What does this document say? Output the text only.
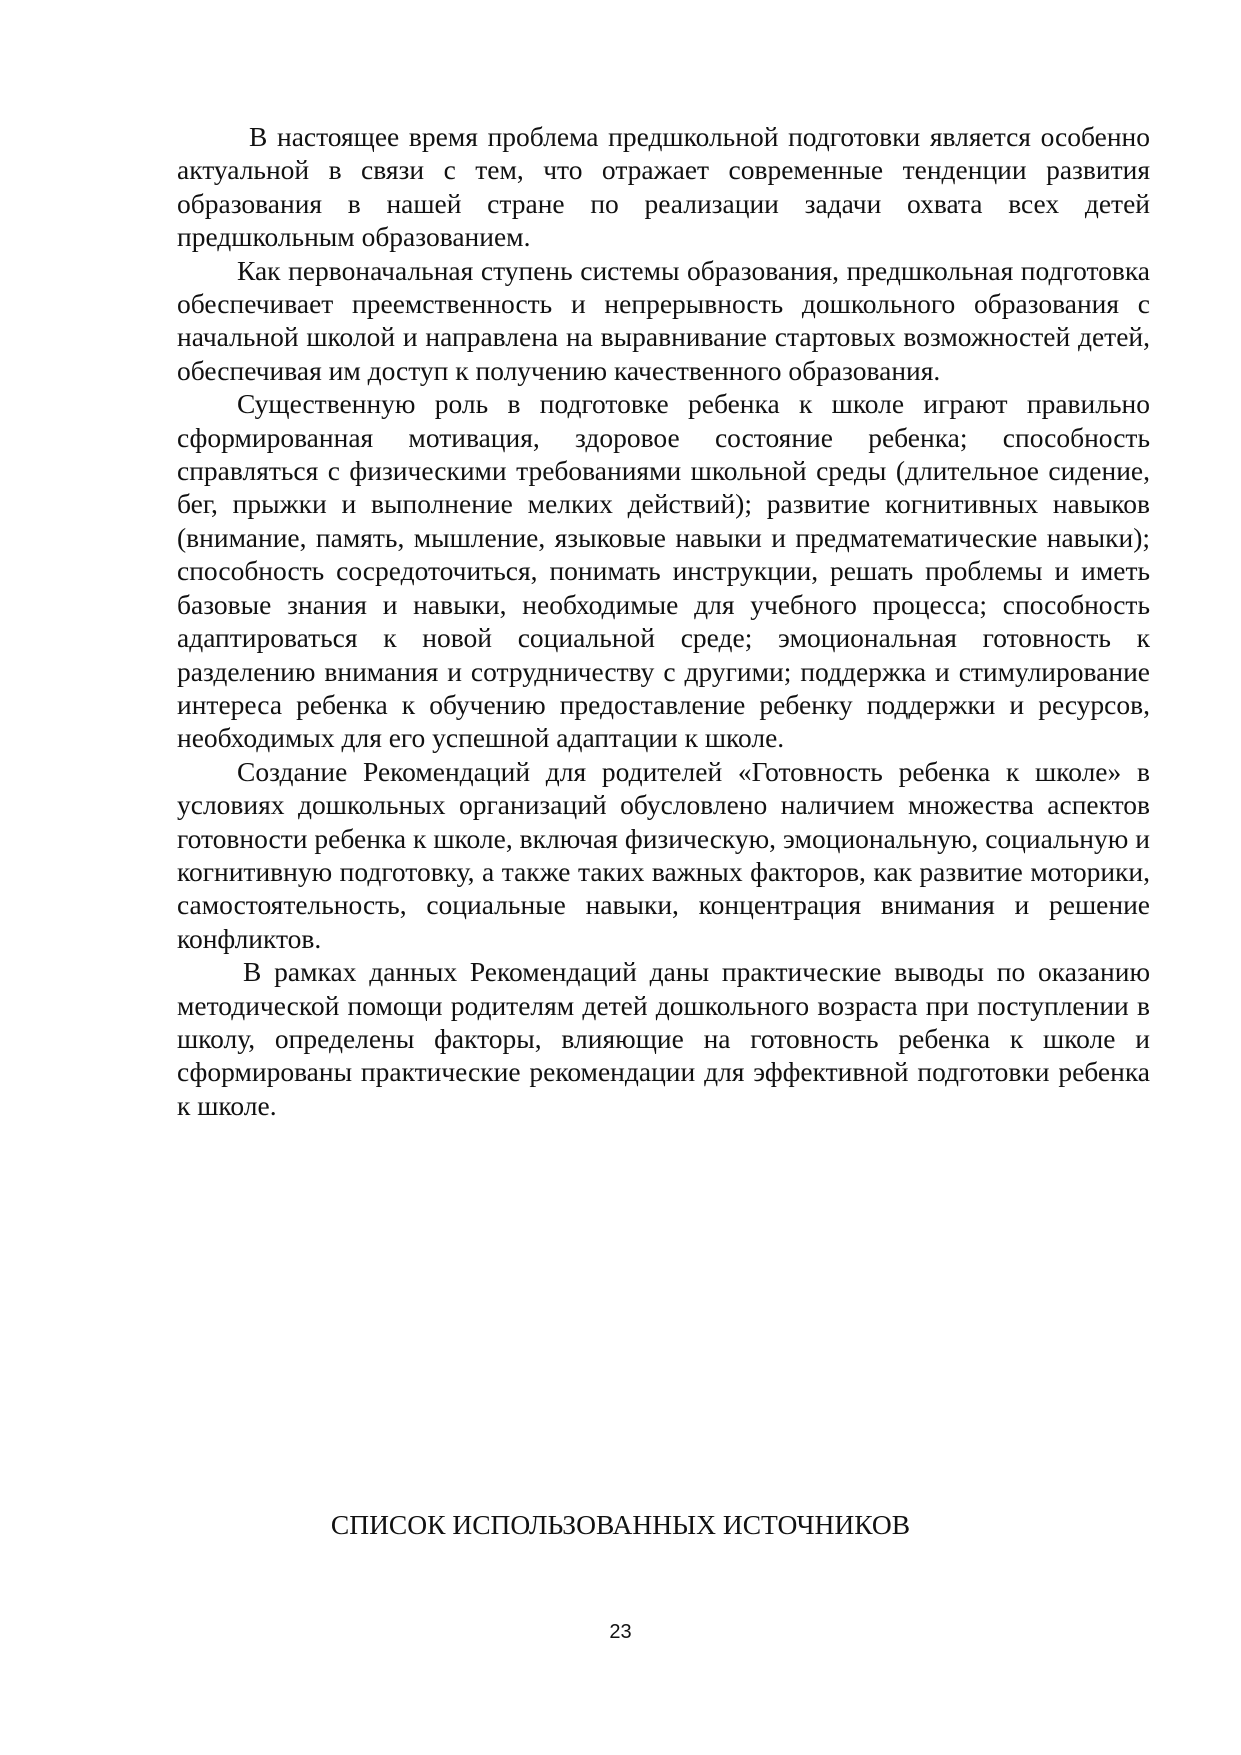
В настоящее время проблема предшкольной подготовки является особенно актуальной в связи с тем, что отражает современные тенденции развития образования в нашей стране по реализации задачи охвата всех детей предшкольным образованием.

Как первоначальная ступень системы образования, предшкольная подготовка обеспечивает преемственность и непрерывность дошкольного образования с начальной школой и направлена на выравнивание стартовых возможностей детей, обеспечивая им доступ к получению качественного образования.

Существенную роль в подготовке ребенка к школе играют правильно сформированная мотивация, здоровое состояние ребенка; способность справляться с физическими требованиями школьной среды (длительное сидение, бег, прыжки и выполнение мелких действий); развитие когнитивных навыков (внимание, память, мышление, языковые навыки и предматематические навыки); способность сосредоточиться, понимать инструкции, решать проблемы и иметь базовые знания и навыки, необходимые для учебного процесса; способность адаптироваться к новой социальной среде; эмоциональная готовность к разделению внимания и сотрудничеству с другими; поддержка и стимулирование интереса ребенка к обучению предоставление ребенку поддержки и ресурсов, необходимых для его успешной адаптации к школе.

Создание Рекомендаций для родителей «Готовность ребенка к школе» в условиях дошкольных организаций обусловлено наличием множества аспектов готовности ребенка к школе, включая физическую, эмоциональную, социальную и когнитивную подготовку, а также таких важных факторов, как развитие моторики, самостоятельность, социальные навыки, концентрация внимания и решение конфликтов.

В рамках данных Рекомендаций даны практические выводы по оказанию методической помощи родителям детей дошкольного возраста при поступлении в школу, определены факторы, влияющие на готовность ребенка к школе и сформированы практические рекомендации для эффективной подготовки ребенка к школе.

СПИСОК ИСПОЛЬЗОВАННЫХ ИСТОЧНИКОВ
23
